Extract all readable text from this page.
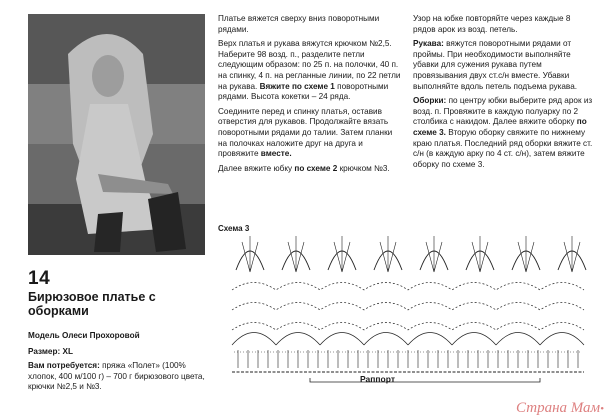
14
Бирюзовое платье с оборками
Модель Олеси Прохоровой
Размер: XL
Вам потребуется: пряжа «Полет» (100% хлопок, 400 м/100 г) – 700 г бирюзового цвета, крючки №2,5 и №3.

Платье вяжется сверху вниз поворотными рядами.

Верх платья и рукава вяжутся крючком №2,5. Наберите 98 возд. п., разделите петли следующим образом: по 25 п. на полочки, 40 п. на спинку, 4 п. на регланные линии, по 22 петли на рукава. Вяжите по схеме 1 поворотными рядами. Высота кокетки – 24 ряда.

Соедините перед и спинку платья, оставив отверстия для рукавов. Продолжайте вязать поворотными рядами до талии. Затем планки на полочках наложите друг на друга и провяжите вместе.

Далее вяжите юбку по схеме 2 крючком №3.

Узор на юбке повторяйте через каждые 8 рядов арок из возд. петель.

Рукава: вяжутся поворотными рядами от проймы. При необходимости выполняйте убавки для сужения рукава путем провязывания двух ст.с/н вместе. Убавки выполняйте вдоль петель подъема рукава.

Оборки: по центру юбки выберите ряд арок из возд. п. Провяжите в каждую полуарку по 2 столбика с накидом. Далее вяжите оборку по схеме 3. Вторую оборку свяжите по нижнему краю платья. Последний ряд оборки вяжите ст. с/н (в каждую арку по 4 ст. с/н), затем вяжите оборку по схеме 3.

Схема 3
Раппорт
Страна Мам•
